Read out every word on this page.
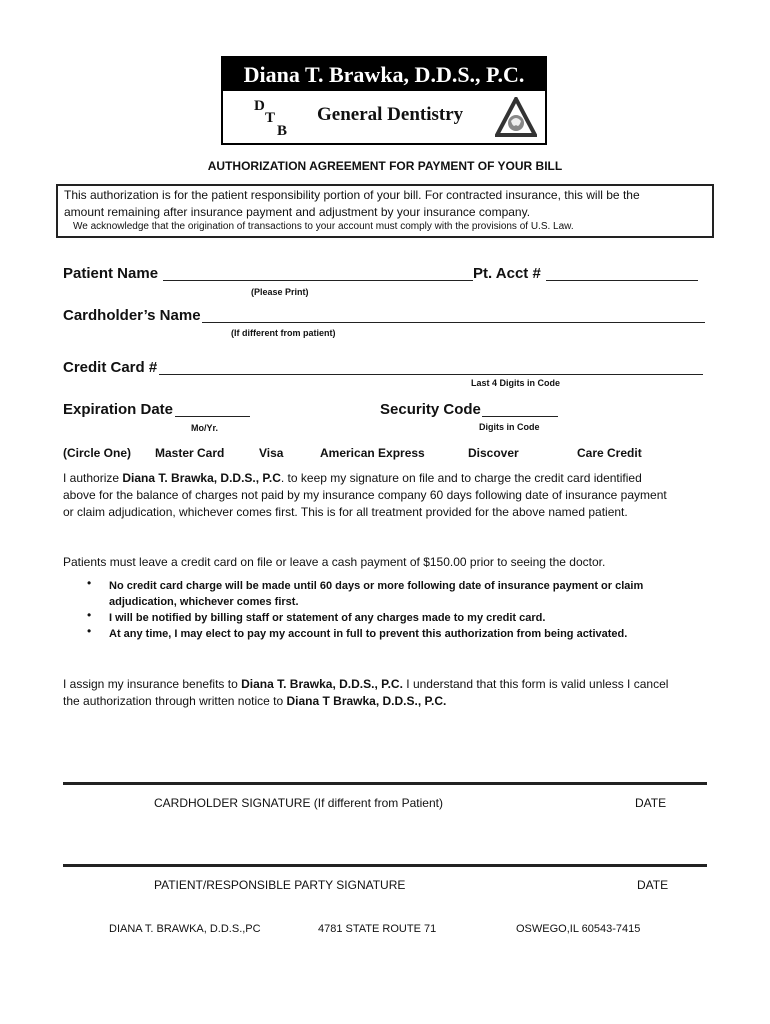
Diana T. Brawka, D.D.S., P.C.
D
T
B
General Dentistry
AUTHORIZATION AGREEMENT FOR PAYMENT OF YOUR BILL
This authorization is for the patient responsibility portion of your bill. For contracted insurance, this will be the
amount remaining after insurance payment and adjustment by your insurance company.
We acknowledge that the origination of transactions to your account must comply with the provisions of U.S. Law.
Patient Name	Pt. Acct #
(Please Print)
Cardholder’s Name
(If different from patient)
Credit Card #
Last 4 Digits in Code
Expiration Date
Mo/Yr.
Security Code
Digits in Code
(Circle One) Master Card	Visa	American Express	Discover	Care Credit
I authorize Diana T. Brawka, D.D.S., P.C. to keep my signature on file and to charge the credit card identified
above for the balance of charges not paid by my insurance company 60 days following date of insurance payment
or claim adjudication, whichever comes first. This is for all treatment provided for the above named patient.
Patients must leave a credit card on file or leave a cash payment of $150.00 prior to seeing the doctor.
• No credit card charge will be made until 60 days or more following date of insurance payment or claim
adjudication, whichever comes first.
• I will be notified by billing staff or statement of any charges made to my credit card.
• At any time, I may elect to pay my account in full to prevent this authorization from being activated.
I assign my insurance benefits to Diana T. Brawka, D.D.S., P.C. I understand that this form is valid unless I cancel
the authorization through written notice to Diana T Brawka, D.D.S., P.C.
CARDHOLDER SIGNATURE (If different from Patient)	DATE
PATIENT/RESPONSIBLE PARTY SIGNATURE	DATE
DIANA T. BRAWKA, D.D.S.,PC	4781 STATE ROUTE 71	OSWEGO,IL 60543-7415
